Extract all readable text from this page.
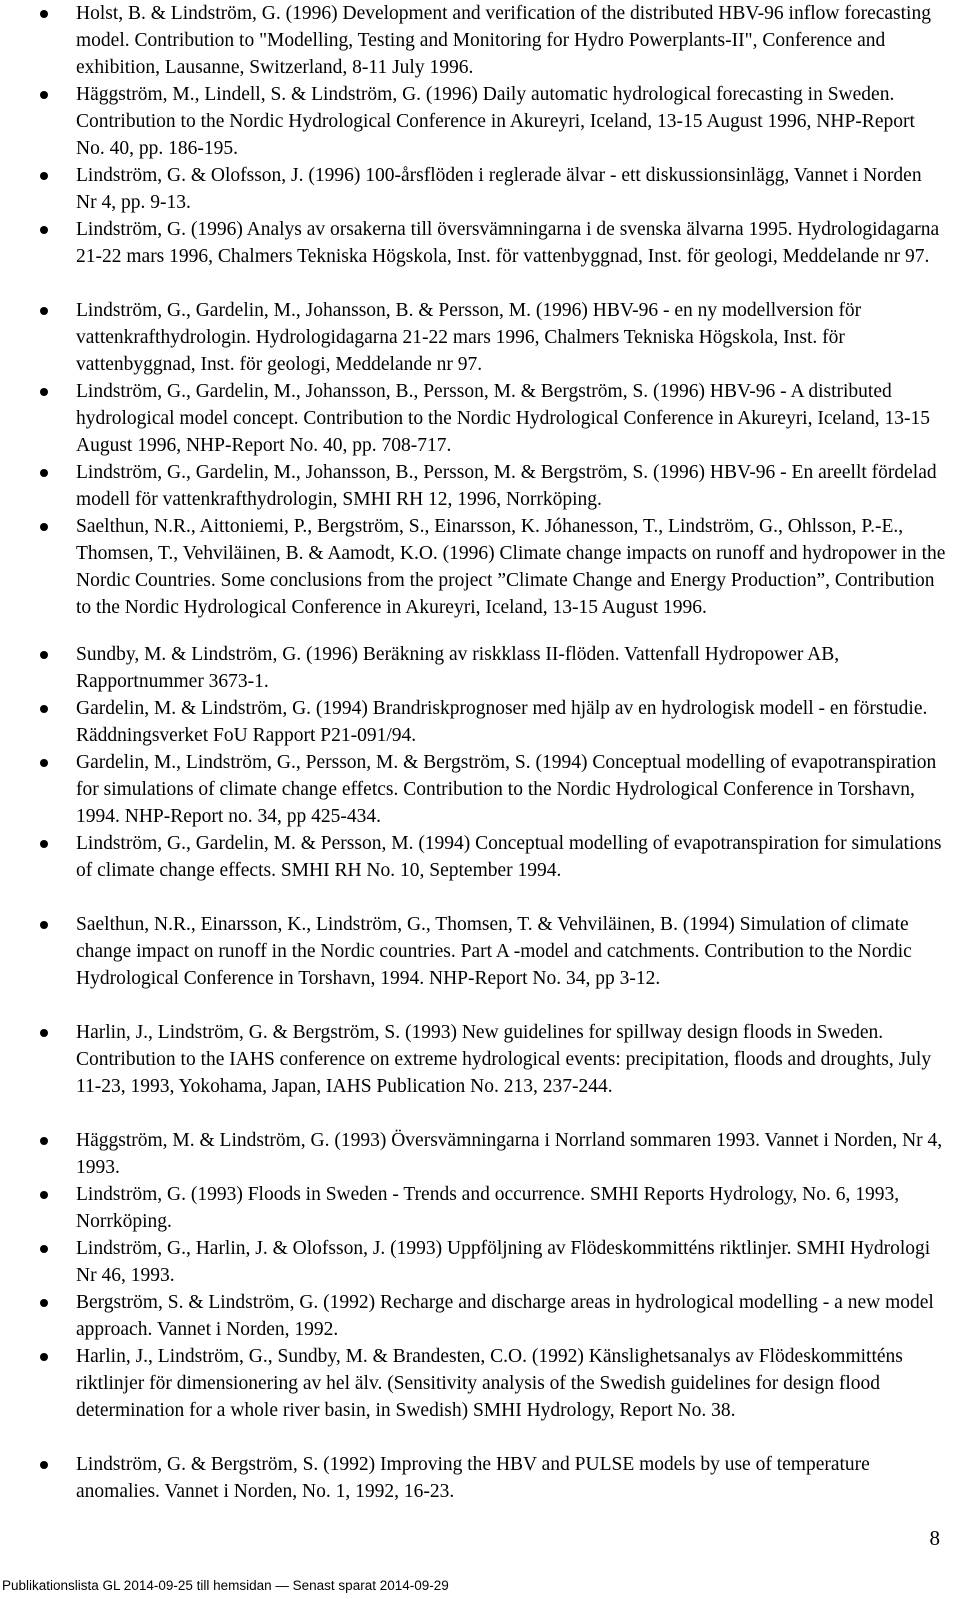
Holst, B. & Lindström, G. (1996) Development and verification of the distributed HBV-96 inflow forecasting model. Contribution to "Modelling, Testing and Monitoring for Hydro Powerplants-II", Conference and exhibition, Lausanne, Switzerland, 8-11 July 1996.
Häggström, M., Lindell, S. & Lindström, G. (1996) Daily automatic hydrological forecasting in Sweden. Contribution to the Nordic Hydrological Conference in Akureyri, Iceland, 13-15 August 1996, NHP-Report No. 40, pp. 186-195.
Lindström, G. & Olofsson, J. (1996) 100-årsflöden i reglerade älvar - ett diskussionsinlägg, Vannet i Norden Nr 4, pp. 9-13.
Lindström, G. (1996) Analys av orsakerna till översvämningarna i de svenska älvarna 1995. Hydrologidagarna 21-22 mars 1996, Chalmers Tekniska Högskola, Inst. för vattenbyggnad, Inst. för geologi, Meddelande nr 97.
Lindström, G., Gardelin, M., Johansson, B. & Persson, M. (1996) HBV-96 - en ny modellversion för vattenkrafthydrologin. Hydrologidagarna 21-22 mars 1996, Chalmers Tekniska Högskola, Inst. för vattenbyggnad, Inst. för geologi, Meddelande nr 97.
Lindström, G., Gardelin, M., Johansson, B., Persson, M. & Bergström, S. (1996) HBV-96 - A distributed hydrological model concept. Contribution to the Nordic Hydrological Conference in Akureyri, Iceland, 13-15 August 1996, NHP-Report No. 40, pp. 708-717.
Lindström, G., Gardelin, M., Johansson, B., Persson, M. & Bergström, S. (1996) HBV-96 - En areellt fördelad modell för vattenkrafthydrologin, SMHI RH 12, 1996, Norrköping.
Saelthun, N.R., Aittoniemi, P., Bergström, S., Einarsson, K. Jóhanesson, T., Lindström, G., Ohlsson, P.-E., Thomsen, T., Vehviläinen, B. & Aamodt, K.O. (1996) Climate change impacts on runoff and hydropower in the Nordic Countries. Some conclusions from the project ”Climate Change and Energy Production”, Contribution to the Nordic Hydrological Conference in Akureyri, Iceland, 13-15 August 1996.
Sundby, M. & Lindström, G. (1996) Beräkning av riskklass II-flöden. Vattenfall Hydropower AB, Rapportnummer 3673-1.
Gardelin, M. & Lindström, G. (1994) Brandriskprognoser med hjälp av en hydrologisk modell - en förstudie. Räddningsverket FoU Rapport P21-091/94.
Gardelin, M., Lindström, G., Persson, M. & Bergström, S. (1994) Conceptual modelling of evapotranspiration for simulations of climate change effetcs. Contribution to the Nordic Hydrological Conference in Torshavn, 1994. NHP-Report no. 34, pp 425-434.
Lindström, G., Gardelin, M. & Persson, M. (1994) Conceptual modelling of evapotranspiration for simulations of climate change effects. SMHI RH No. 10, September 1994.
Saelthun, N.R., Einarsson, K., Lindström, G., Thomsen, T. & Vehviläinen, B. (1994) Simulation of climate change impact on runoff in the Nordic countries. Part A -model and catchments. Contribution to the Nordic Hydrological Conference in Torshavn, 1994. NHP-Report No. 34, pp 3-12.
Harlin, J., Lindström, G. & Bergström, S. (1993) New guidelines for spillway design floods in Sweden. Contribution to the IAHS conference on extreme hydrological events: precipitation, floods and droughts, July 11-23, 1993, Yokohama, Japan, IAHS Publication No. 213, 237-244.
Häggström, M. & Lindström, G. (1993) Översvämningarna i Norrland sommaren 1993. Vannet i Norden, Nr 4, 1993.
Lindström, G. (1993) Floods in Sweden - Trends and occurrence. SMHI Reports Hydrology, No. 6, 1993, Norrköping.
Lindström, G., Harlin, J. & Olofsson, J. (1993) Uppföljning av Flödeskommitténs riktlinjer. SMHI Hydrologi Nr 46, 1993.
Bergström, S. & Lindström, G. (1992) Recharge and discharge areas in hydrological modelling - a new model approach. Vannet i Norden, 1992.
Harlin, J., Lindström, G., Sundby, M. & Brandesten, C.O. (1992) Känslighetsanalys av Flödeskommitténs riktlinjer för dimensionering av hel älv. (Sensitivity analysis of the Swedish guidelines for design flood determination for a whole river basin, in Swedish) SMHI Hydrology, Report No. 38.
Lindström, G. & Bergström, S. (1992) Improving the HBV and PULSE models by use of temperature anomalies. Vannet i Norden, No. 1, 1992, 16-23.
8
Publikationslista GL 2014-09-25 till hemsidan — Senast sparat 2014-09-29
